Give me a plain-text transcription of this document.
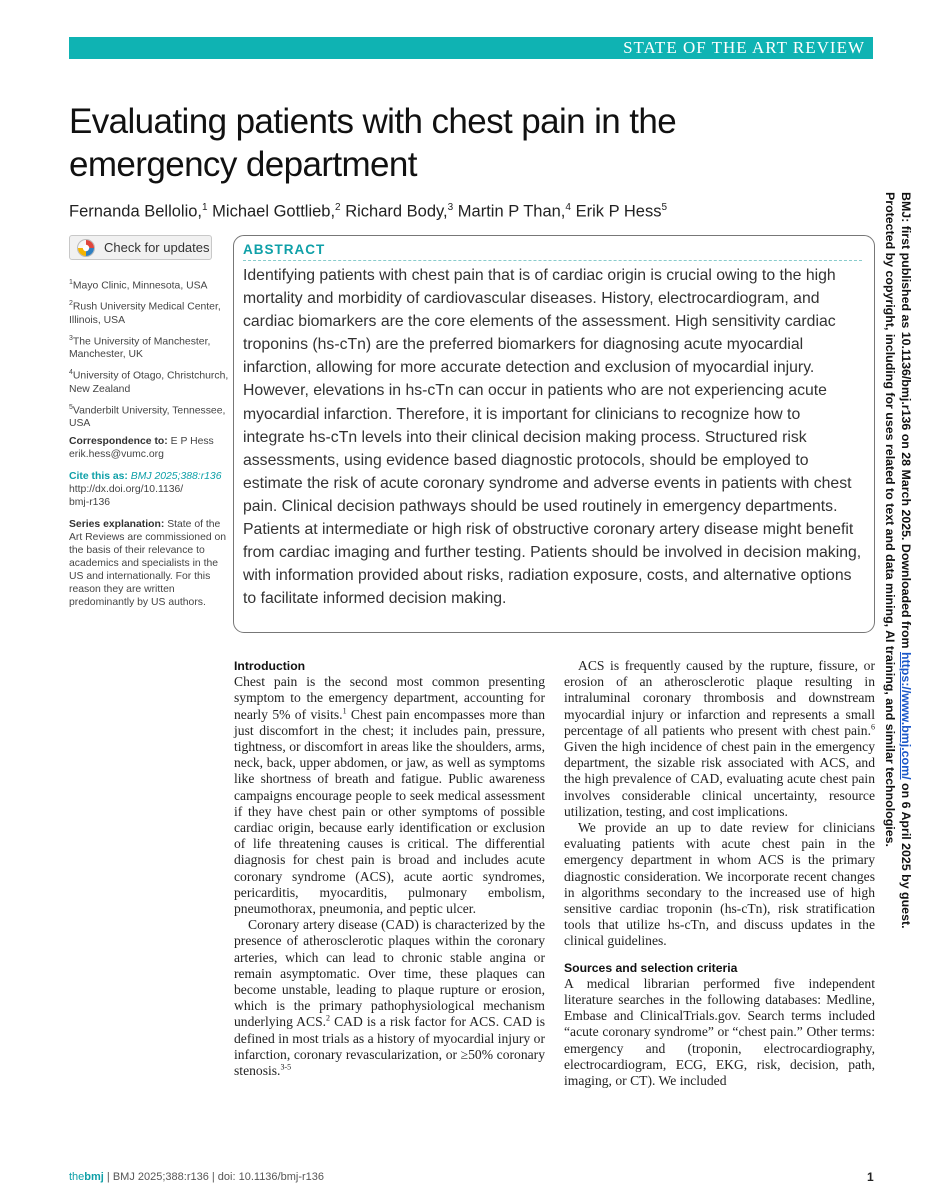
STATE OF THE ART REVIEW
Evaluating patients with chest pain in the emergency department
Fernanda Bellolio,$^1$ Michael Gottlieb,$^2$ Richard Body,$^3$ Martin P Than,$^4$ Erik P Hess$^5$
Check for updates
$^1$Mayo Clinic, Minnesota, USA
$^2$Rush University Medical Center, Illinois, USA
$^3$The University of Manchester, Manchester, UK
$^4$University of Otago, Christchurch, New Zealand
$^5$Vanderbilt University, Tennessee, USA
Correspondence to: E P Hess
erik.hess@vumc.org
Cite this as: BMJ 2025;388:r136
http://dx.doi.org/10.1136/
bmj-r136
Series explanation: State of the Art Reviews are commissioned on the basis of their relevance to academics and specialists in the US and internationally. For this reason they are written predominantly by US authors.
ABSTRACT

Identifying patients with chest pain that is of cardiac origin is crucial owing to the high mortality and morbidity of cardiovascular diseases. History, electrocardiogram, and cardiac biomarkers are the core elements of the assessment. High sensitivity cardiac troponins (hs-cTn) are the preferred biomarkers for diagnosing acute myocardial infarction, allowing for more accurate detection and exclusion of myocardial injury. However, elevations in hs-cTn can occur in patients who are not experiencing acute myocardial infarction. Therefore, it is important for clinicians to recognize how to integrate hs-cTn levels into their clinical decision making process. Structured risk assessments, using evidence based diagnostic protocols, should be employed to estimate the risk of acute coronary syndrome and adverse events in patients with chest pain. Clinical decision pathways should be used routinely in emergency departments. Patients at intermediate or high risk of obstructive coronary artery disease might benefit from cardiac imaging and further testing. Patients should be involved in decision making, with information provided about risks, radiation exposure, costs, and alternative options to facilitate informed decision making.

Introduction

Chest pain is the second most common presenting symptom to the emergency department, accounting for nearly 5% of visits.$^1$ Chest pain encompasses more than just discomfort in the chest; it includes pain, pressure, tightness, or discomfort in areas like the shoulders, arms, neck, back, upper abdomen, or jaw, as well as symptoms like shortness of breath and fatigue. Public awareness campaigns encourage people to seek medical assessment if they have chest pain or other symptoms of possible cardiac origin, because early identification or exclusion of life threatening causes is critical. The differential diagnosis for chest pain is broad and includes acute coronary syndrome (ACS), acute aortic syndromes, pericarditis, myocarditis, pulmonary embolism, pneumothorax, pneumonia, and peptic ulcer.

Coronary artery disease (CAD) is characterized by the presence of atherosclerotic plaques within the coronary arteries, which can lead to chronic stable angina or remain asymptomatic. Over time, these plaques can become unstable, leading to plaque rupture or erosion, which is the primary pathophysiological mechanism underlying ACS.$^2$ CAD is a risk factor for ACS. CAD is defined in most trials as a history of myocardial injury or infarction, coronary revascularization, or ≥50% coronary stenosis.$^{3-5}$

ACS is frequently caused by the rupture, fissure, or erosion of an atherosclerotic plaque resulting in intraluminal coronary thrombosis and downstream myocardial injury or infarction and represents a small percentage of all patients who present with chest pain.$^6$ Given the high incidence of chest pain in the emergency department, the sizable risk associated with ACS, and the high prevalence of CAD, evaluating acute chest pain involves considerable clinical uncertainty, resource utilization, testing, and cost implications.

We provide an up to date review for clinicians evaluating patients with acute chest pain in the emergency department in whom ACS is the primary diagnostic consideration. We incorporate recent changes in algorithms secondary to the increased use of high sensitive cardiac troponin (hs-cTn), risk stratification tools that utilize hs-cTn, and discuss updates in the clinical guidelines.

Sources and selection criteria

A medical librarian performed five independent literature searches in the following databases: Medline, Embase and ClinicalTrials.gov. Search terms included “acute coronary syndrome” or “chest pain.” Other terms: emergency and (troponin, electrocardiography, electrocardiogram, ECG, EKG, risk, decision, path, imaging, or CT). We included

BMJ: first published as 10.1136/bmj.r136 on 28 March 2025. Downloaded from https://www.bmj.com/ on 6 April 2025 by guest.
Protected by copyright, including for uses related to text and data mining, AI training, and similar technologies.
thebmj | BMJ 2025;388:r136 | doi: 10.1136/bmj-r136	1
